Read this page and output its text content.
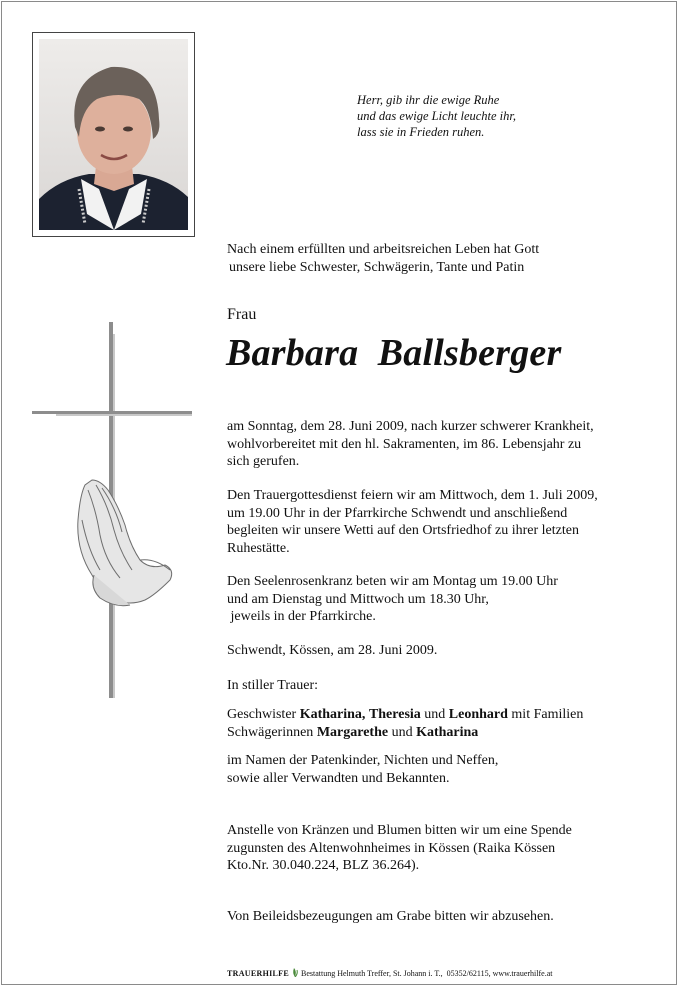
Herr, gib ihr die ewige Ruhe
und das ewige Licht leuchte ihr,
lass sie in Frieden ruhen.
Nach einem erfüllten und arbeitsreichen Leben hat Gott
unsere liebe Schwester, Schwägerin, Tante und Patin
Frau
Barbara  Ballsberger
am Sonntag, dem 28. Juni 2009, nach kurzer schwerer Krankheit,
wohlvorbereitet mit den hl. Sakramenten, im 86. Lebensjahr zu
sich gerufen.
Den Trauergottesdienst feiern wir am Mittwoch, dem 1. Juli 2009,
um 19.00 Uhr in der Pfarrkirche Schwendt und anschließend
begleiten wir unsere Wetti auf den Ortsfriedhof zu ihrer letzten
Ruhestätte.
Den Seelenrosenkranz beten wir am Montag um 19.00 Uhr
und am Dienstag und Mittwoch um 18.30 Uhr,
jeweils in der Pfarrkirche.
Schwendt, Kössen, am 28. Juni 2009.
In stiller Trauer:
Geschwister Katharina, Theresia und Leonhard mit Familien
Schwägerinnen Margarethe und Katharina
im Namen der Patenkinder, Nichten und Neffen,
sowie aller Verwandten und Bekannten.
Anstelle von Kränzen und Blumen bitten wir um eine Spende
zugunsten des Altenwohnheimes in Kössen (Raika Kössen
Kto.Nr. 30.040.224, BLZ 36.264).
Von Beileidsbezeugungen am Grabe bitten wir abzusehen.
TRAUERHILFE Bestattung Helmuth Treffer, St. Johann i. T.,  05352/62115, www.trauerhilfe.at
